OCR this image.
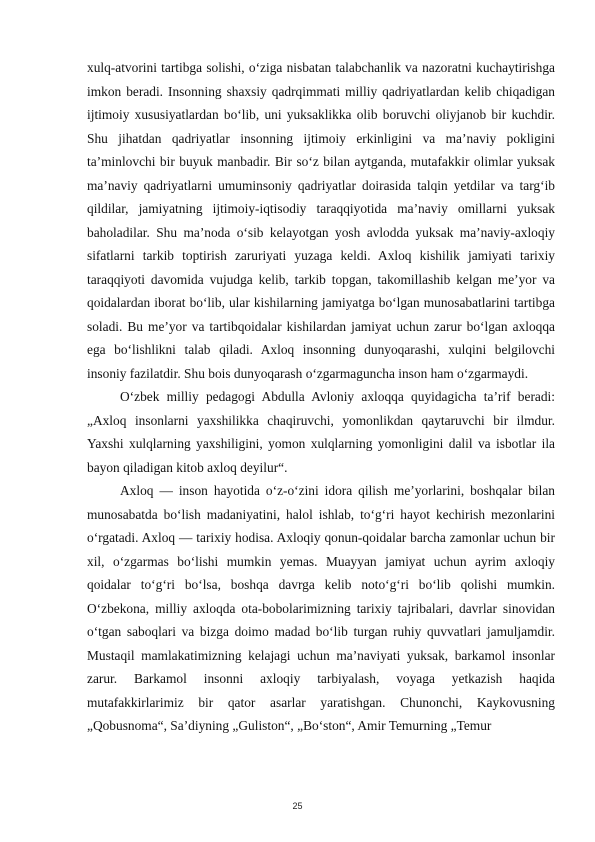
xulq-atvorini tartibga solishi, o‘ziga nisbatan talabchanlik va nazoratni kuchaytirishga imkon beradi. Insonning shaxsiy qadrqimmati milliy qadriyatlardan kelib chiqadigan ijtimoiy xususiyatlardan bo‘lib, uni yuksaklikka olib boruvchi oliyjanob bir kuchdir. Shu jihatdan qadriyatlar insonning ijtimoiy erkinligini va ma’naviy pokligini ta’minlovchi bir buyuk manbadir. Bir so‘z bilan aytganda, mutafakkir olimlar yuksak ma’naviy qadriyatlarni umuminsoniy qadriyatlar doirasida talqin yetdilar va targ‘ib qildilar, jamiyatning ijtimoiy-iqtisodiy taraqqiyotida ma’naviy omillarni yuksak baholadilar. Shu ma’noda o‘sib kelayotgan yosh avlodda yuksak ma’naviy-axloqiy sifatlarni tarkib toptirish zaruriyati yuzaga keldi. Axloq kishilik jamiyati tarixiy taraqqiyoti davomida vujudga kelib, tarkib topgan, takomillashib kelgan me’yor va qoidalardan iborat bo‘lib, ular kishilarning jamiyatga bo‘lgan munosabatlarini tartibga soladi. Bu me’yor va tartibqoidalar kishilardan jamiyat uchun zarur bo‘lgan axloqqa ega bo‘lishlikni talab qiladi. Axloq insonning dunyoqarashi, xulqini belgilovchi insoniy fazilatdir. Shu bois dunyoqarash o‘zgarmaguncha inson ham o‘zgarmaydi.

O‘zbek milliy pedagogi Abdulla Avloniy axloqqa quyidagicha ta’rif beradi: „Axloq insonlarni yaxshilikka chaqiruvchi, yomonlikdan qaytaruvchi bir ilmdur. Yaxshi xulqlarning yaxshiligini, yomon xulqlarning yomonligini dalil va isbotlar ila bayon qiladigan kitob axloq deyilur“.

Axloq — inson hayotida o‘z-o‘zini idora qilish me’yorlarini, boshqalar bilan munosabatda bo‘lish madaniyatini, halol ishlab, to‘g‘ri hayot kechirish mezonlarini o‘rgatadi. Axloq — tarixiy hodisa. Axloqiy qonun-qoidalar barcha zamonlar uchun bir xil, o‘zgarmas bo‘lishi mumkin yemas. Muayyan jamiyat uchun ayrim axloqiy qoidalar to‘g‘ri bo‘lsa, boshqa davrga kelib noto‘g‘ri bo‘lib qolishi mumkin. O‘zbekona, milliy axloqda ota-bobolarimizning tarixiy tajribalari, davrlar sinovidan o‘tgan saboqlari va bizga doimo madad bo‘lib turgan ruhiy quvvatlari jamuljamdir. Mustaqil mamlakatimizning kelajagi uchun ma’naviyati yuksak, barkamol insonlar zarur. Barkamol insonni axloqiy tarbiyalash, voyaga yetkazish haqida mutafakkirlarimiz bir qator asarlar yaratishgan. Chunonchi, Kaykovusning „Qobusnoma“, Sa’diyning „Guliston“, „Bo‘ston“, Amir Temurning „Temur

25
